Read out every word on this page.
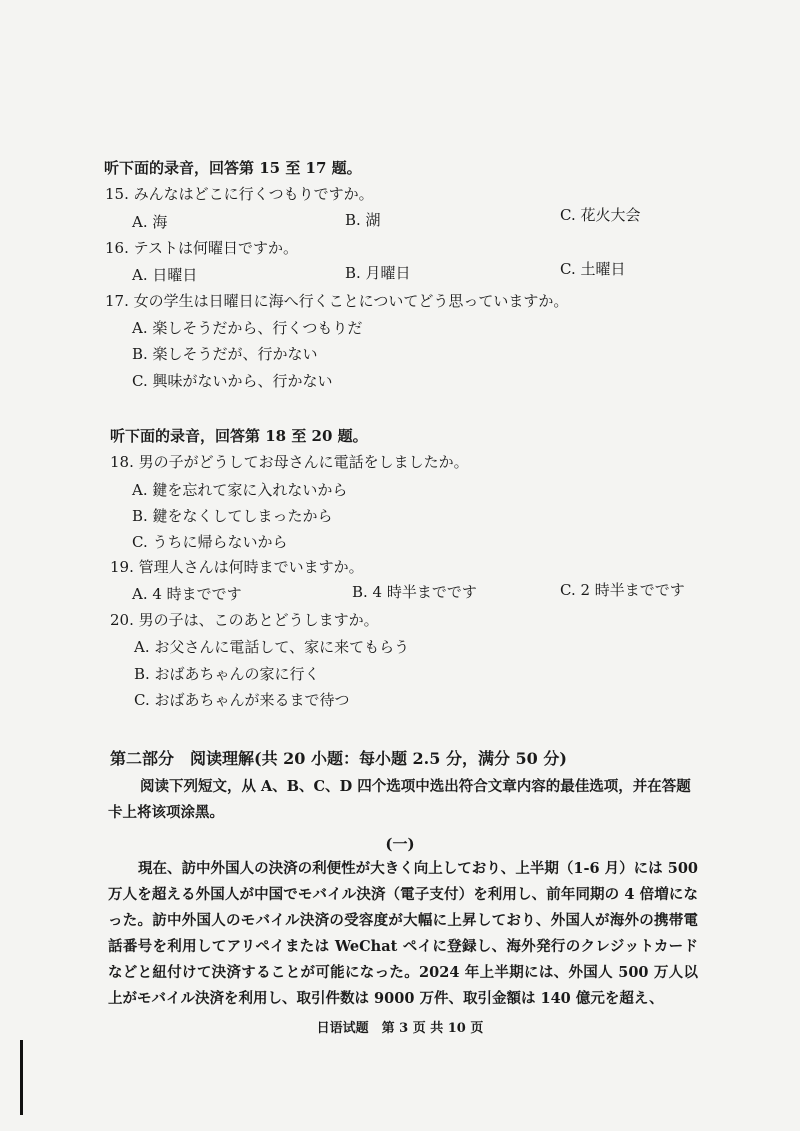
听下面的录音，回答第 15 至 17 题。
15. みんなはどこに行くつもりですか。
A. 海	B. 湖	C. 花火大会
16. テストは何曜日ですか。
A. 日曜日	B. 月曜日	C. 土曜日
17. 女の学生は日曜日に海へ行くことについてどう思っていますか。
A. 楽しそうだから、行くつもりだ
B. 楽しそうだが、行かない
C. 興味がないから、行かない
听下面的录音，回答第 18 至 20 题。
18. 男の子がどうしてお母さんに電話をしましたか。
A. 鍵を忘れて家に入れないから
B. 鍵をなくしてしまったから
C. うちに帰らないから
19. 管理人さんは何時までいますか。
A. 4 時までです	B. 4 時半までです	C. 2 時半までです
20. 男の子は、このあとどうしますか。
A. お父さんに電話して、家に来てもらう
B. おばあちゃんの家に行く
C. おばあちゃんが来るまで待つ
第二部分　阅读理解(共 20 小题：每小题 2.5 分，满分 50 分)
阅读下列短文，从 A、B、C、D 四个选项中选出符合文章内容的最佳选项，并在答题卡上将该项涂黑。
(一)
現在、訪中外国人の決済の利便性が大きく向上しており、上半期（1-6 月）には 500 万人を超える外国人が中国でモバイル決済（電子支付）を利用し、前年同期の 4 倍増になった。訪中外国人のモバイル決済の受容度が大幅に上昇しており、外国人が海外の携帯電話番号を利用してアリペイまたは WeChat ペイに登録し、海外発行のクレジットカードなどと紐付けて決済することが可能になった。2024 年上半期には、外国人 500 万人以上がモバイル決済を利用し、取引件数は 9000 万件、取引金額は 140 億元を超え、
日语试题　第 3 页 共 10 页
